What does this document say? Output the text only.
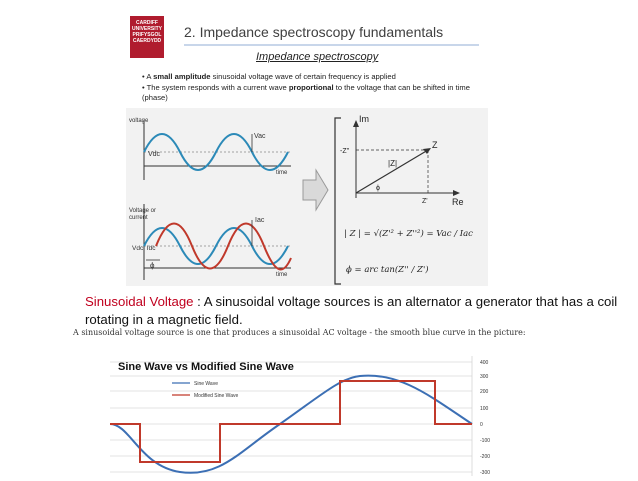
CARDIFF UNIVERSITY PRIFYSGOL CAERDYDD
2. Impedance spectroscopy fundamentals
Impedance spectroscopy
• A small amplitude sinusoidal voltage wave of certain frequency is applied
• The system responds with a current wave proportional to the voltage that can be shifted in time (phase)
voltage
Vdc
Vac
time
Voltage or
current
Vdc, Idc
Iac
ϕ
time
Im
Re
-Z''
Z'
Z
|Z|
ϕ
| Z | = √(Z'² + Z''²) = Vac / Iac
ϕ = arc tan(Z'' / Z')
Sinusoidal Voltage : A sinusoidal voltage sources is an alternator a generator that has a coil rotating in a magnetic field.
A sinusoidal voltage source is one that produces a sinusoidal AC voltage - the smooth blue curve in the picture:
Sine Wave vs Modified Sine Wave
Sine Wave
Modified Sine Wave
400
300
200
100
0
-100
-200
-300
